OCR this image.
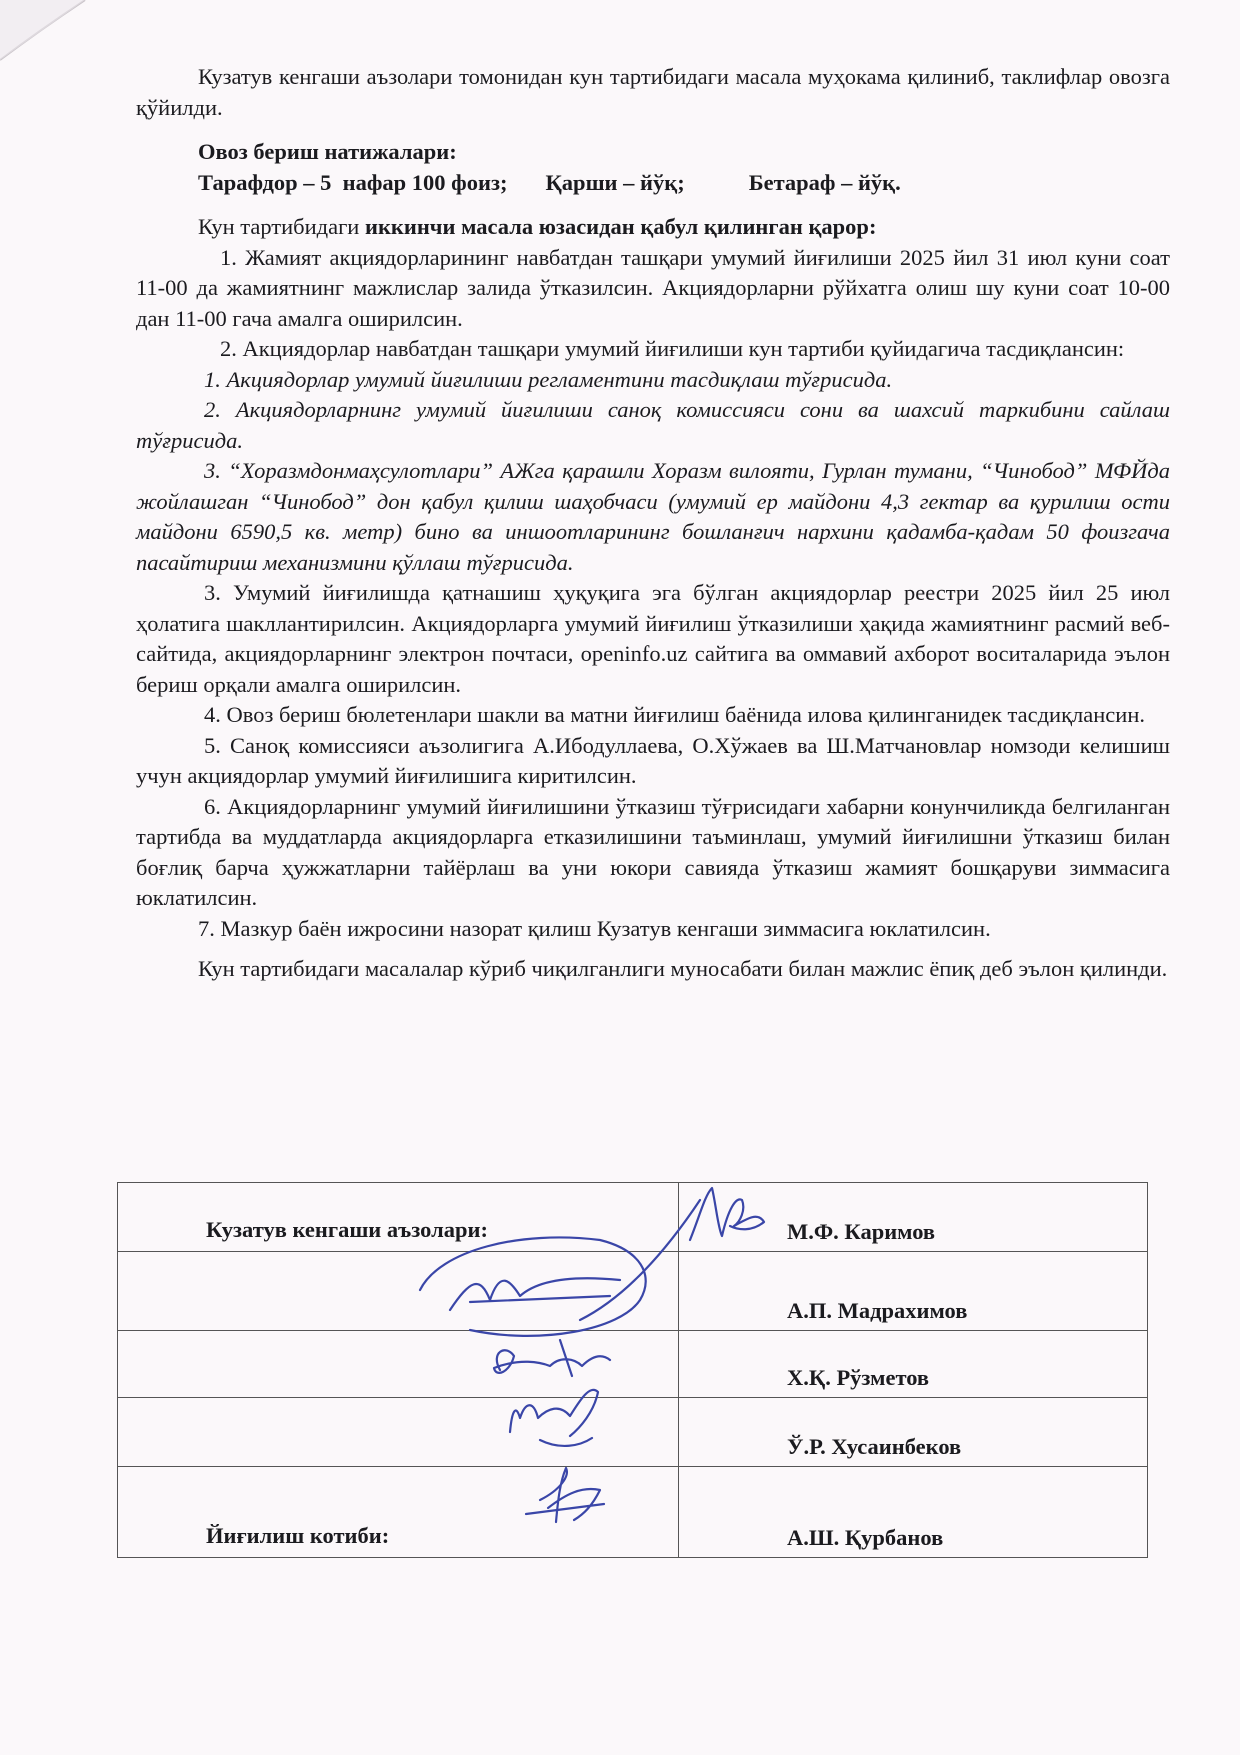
Кузатув кенгаши аъзолари томонидан кун тартибидаги масала муҳокама қилиниб, таклифлар овозга қўйилди.

Овоз бериш натижалари:
Тарафдор – 5  нафар 100 фоиз; Қарши – йўқ;	Бетараф – йўқ.

Кун тартибидаги иккинчи масала юзасидан қабул қилинган қарор:

1. Жамият акциядорларининг навбатдан ташқари умумий йиғилиши 2025 йил 31 июл куни соат 11-00 да жамиятнинг мажлислар залида ўтказилсин. Акциядорларни рўйхатга олиш шу куни соат 10-00 дан 11-00 гача амалга оширилсин.

2. Акциядорлар навбатдан ташқари умумий йиғилиши кун тартиби қуйидагича тасдиқлансин:

1. Акциядорлар умумий йиғилиши регламентини тасдиқлаш тўғрисида.

2. Акциядорларнинг умумий йиғилиши саноқ комиссияси сони ва шахсий таркибини сайлаш тўғрисида.

3. “Хоразмдонмаҳсулотлари” АЖга қарашли Хоразм вилояти, Гурлан тумани, “Чинобод” МФЙда жойлашган “Чинобод” дон қабул қилиш шаҳобчаси (умумий ер майдони 4,3 гектар ва қурилиш ости майдони 6590,5 кв. метр) бино ва иншоотларининг бошланғич нархини қадамба-қадам 50 фоизгача пасайтириш механизмини қўллаш тўғрисида.

3. Умумий йиғилишда қатнашиш ҳуқуқига эга бўлган акциядорлар реестри 2025 йил 25 июл ҳолатига шакллантирилсин. Акциядорларга умумий йиғилиш ўтказилиши ҳақида жамиятнинг расмий веб-сайтида, акциядорларнинг электрон почтаси, openinfo.uz сайтига ва оммавий ахборот воситаларида эълон бериш орқали амалга оширилсин.

4. Овоз бериш бюлетенлари шакли ва матни йиғилиш баёнида илова қилинганидек тасдиқлансин.

5. Саноқ комиссияси аъзолигига А.Ибодуллаева, О.Хўжаев ва Ш.Матчановлар номзоди келишиш учун акциядорлар умумий йиғилишига киритилсин.

6. Акциядорларнинг умумий йиғилишини ўтказиш тўғрисидаги хабарни конунчиликда белгиланган тартибда ва муддатларда акциядорларга етказилишини таъминлаш, умумий йиғилишни ўтказиш билан боғлиқ барча ҳужжатларни тайёрлаш ва уни юкори савияда ўтказиш жамият бошқаруви зиммасига юклатилсин.

7. Мазкур баён ижросини назорат қилиш Кузатув кенгаши зиммасига юклатилсин.

Кун тартибидаги масалалар кўриб чиқилганлиги муносабати билан мажлис ёпиқ деб эълон қилинди.

Кузатув кенгаши аъзолари:	М.Ф. Каримов
	А.П. Мадрахимов
	Х.Қ. Рўзметов
	Ў.Р. Хусаинбеков

Йиғилиш котиби:	А.Ш. Қурбанов
